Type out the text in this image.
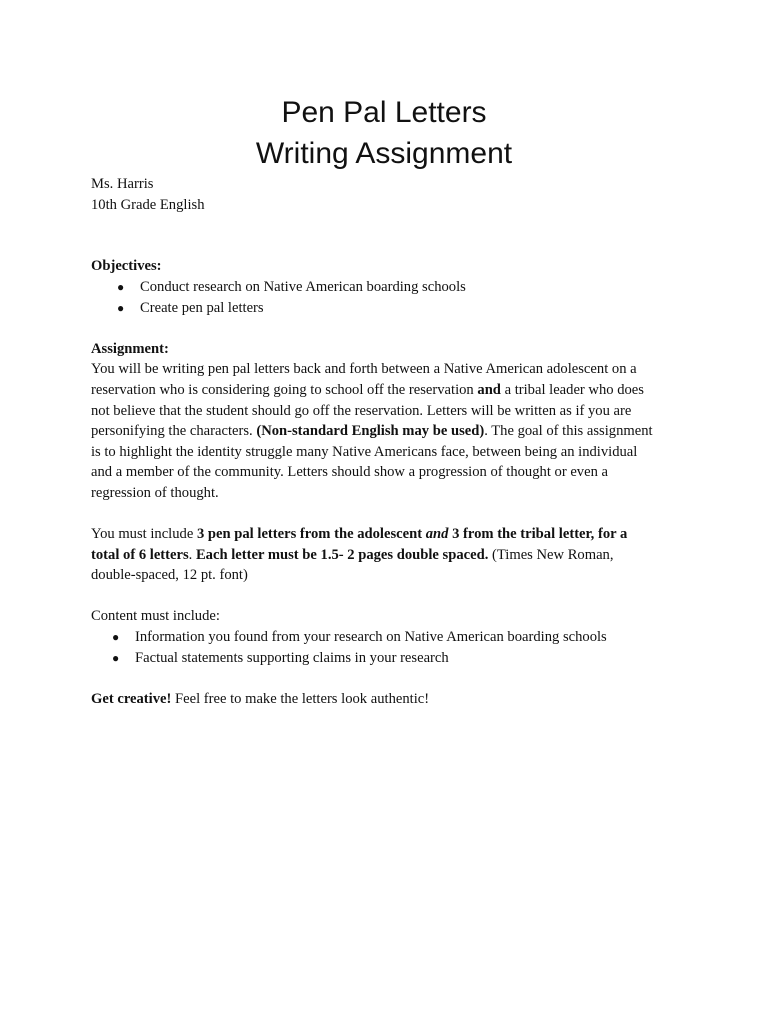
Pen Pal Letters
Writing Assignment
Ms. Harris
10th Grade English
Objectives:
● Conduct research on Native American boarding schools
● Create pen pal letters
Assignment:
You will be writing pen pal letters back and forth between a Native American adolescent on a
reservation who is considering going to school off the reservation and a tribal leader who does
not believe that the student should go off the reservation. Letters will be written as if you are
personifying the characters. (Non-standard English may be used). The goal of this assignment
is to highlight the identity struggle many Native Americans face, between being an individual
and a member of the community. Letters should show a progression of thought or even a
regression of thought.
You must include 3 pen pal letters from the adolescent and 3 from the tribal letter, for a
total of 6 letters. Each letter must be 1.5- 2 pages double spaced. (Times New Roman,
double-spaced, 12 pt. font)
Content must include:
● Information you found from your research on Native American boarding schools
● Factual statements supporting claims in your research
Get creative! Feel free to make the letters look authentic!
